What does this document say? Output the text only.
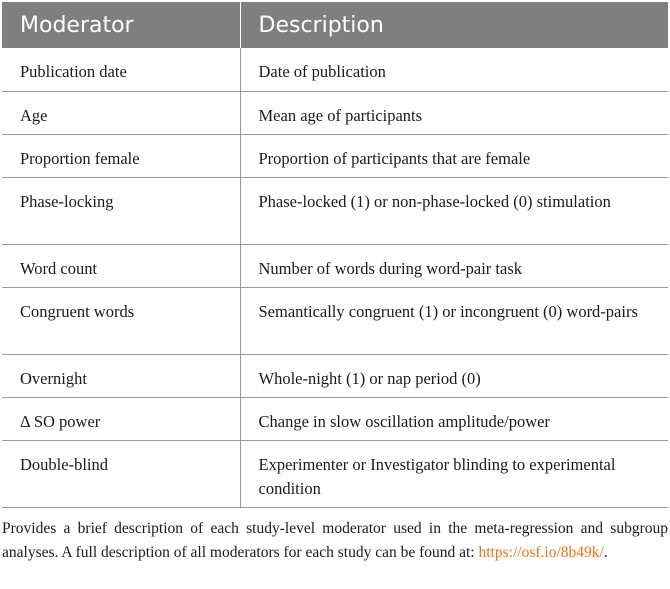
Moderator	Description
Publication date	Date of publication
Age	Mean age of participants
Proportion female	Proportion of participants that are female
Phase-locking	Phase-locked (1) or non-phase-locked (0) stimulation
Word count	Number of words during word-pair task
Congruent words	Semantically congruent (1) or incongruent (0) word-pairs
Overnight	Whole-night (1) or nap period (0)
Δ SO power	Change in slow oscillation amplitude/power
Double-blind	Experimenter or Investigator blinding to experimental condition
Provides a brief description of each study-level moderator used in the meta-regression and subgroup analyses. A full description of all moderators for each study can be found at: https://osf.io/8b49k/.
